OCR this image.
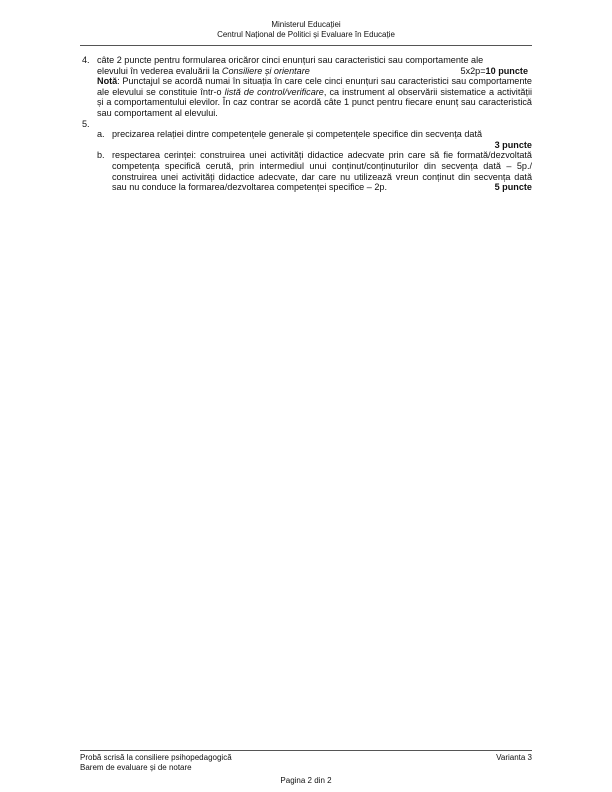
Ministerul Educației
Centrul Național de Politici și Evaluare în Educație
4. câte 2 puncte pentru formularea oricăror cinci enunțuri sau caracteristici sau comportamente ale
elevului în vederea evaluării la Consiliere și orientare	5x2p=10 puncte
Notă: Punctajul se acordă numai în situația în care cele cinci enunțuri sau caracteristici sau comportamente ale elevului se constituie într-o listă de control/verificare, ca instrument al observării sistematice a activității și a comportamentului elevilor. În caz contrar se acordă câte 1 punct pentru fiecare enunț sau caracteristică sau comportament al elevului.
5.
a. precizarea relației dintre competențele generale și competențele specifice din secvența dată
3 puncte
b. respectarea cerinței: construirea unei activități didactice adecvate prin care să fie formată/dezvoltată competența specifică cerută, prin intermediul unui conținut/conținuturilor din secvența dată – 5p./ construirea unei activități didactice adecvate, dar care nu utilizează vreun conținut din secvența dată sau nu conduce la formarea/dezvoltarea competenței specifice – 2p.	5 puncte
Probă scrisă la consiliere psihopedagogică	Varianta 3
Barem de evaluare și de notare
Pagina 2 din 2
